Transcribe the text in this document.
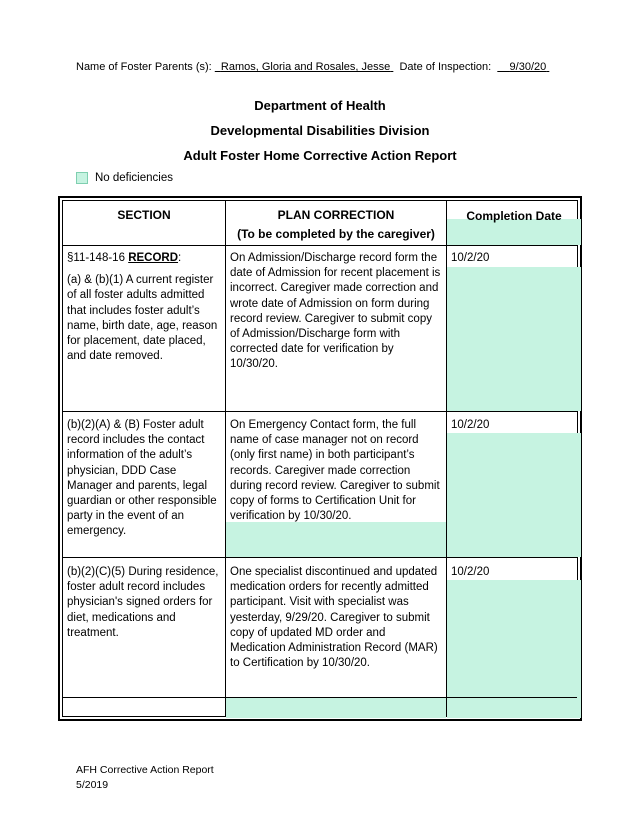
Name of Foster Parents (s): Ramos, Gloria and Rosales, Jesse Date of Inspection: 9/30/20
Department of Health
Developmental Disabilities Division
Adult Foster Home Corrective Action Report
No deficiencies
SECTION	PLAN CORRECTION
(To be completed by the caregiver)
Completion Date
§11-148-16 RECORD:
(a) & (b)(1) A current register of all foster adults admitted that includes foster adult’s name, birth date, age, reason for placement, date placed, and date removed.
On Admission/Discharge record form the date of Admission for recent placement is incorrect. Caregiver made correction and wrote date of Admission on form during record review. Caregiver to submit copy of Admission/Discharge form with corrected date for verification by 10/30/20.
10/2/20
(b)(2)(A) & (B) Foster adult record includes the contact information of the adult’s physician, DDD Case Manager and parents, legal guardian or other responsible party in the event of an emergency.
On Emergency Contact form, the full name of case manager not on record (only first name) in both participant’s records. Caregiver made correction during record review. Caregiver to submit copy of forms to Certification Unit for verification by 10/30/20.
10/2/20
(b)(2)(C)(5) During residence, foster adult record includes physician's signed orders for diet, medications and treatment.
One specialist discontinued and updated medication orders for recently admitted participant. Visit with specialist was yesterday, 9/29/20. Caregiver to submit copy of updated MD order and Medication Administration Record (MAR) to Certification by 10/30/20.
10/2/20
AFH Corrective Action Report
5/2019
